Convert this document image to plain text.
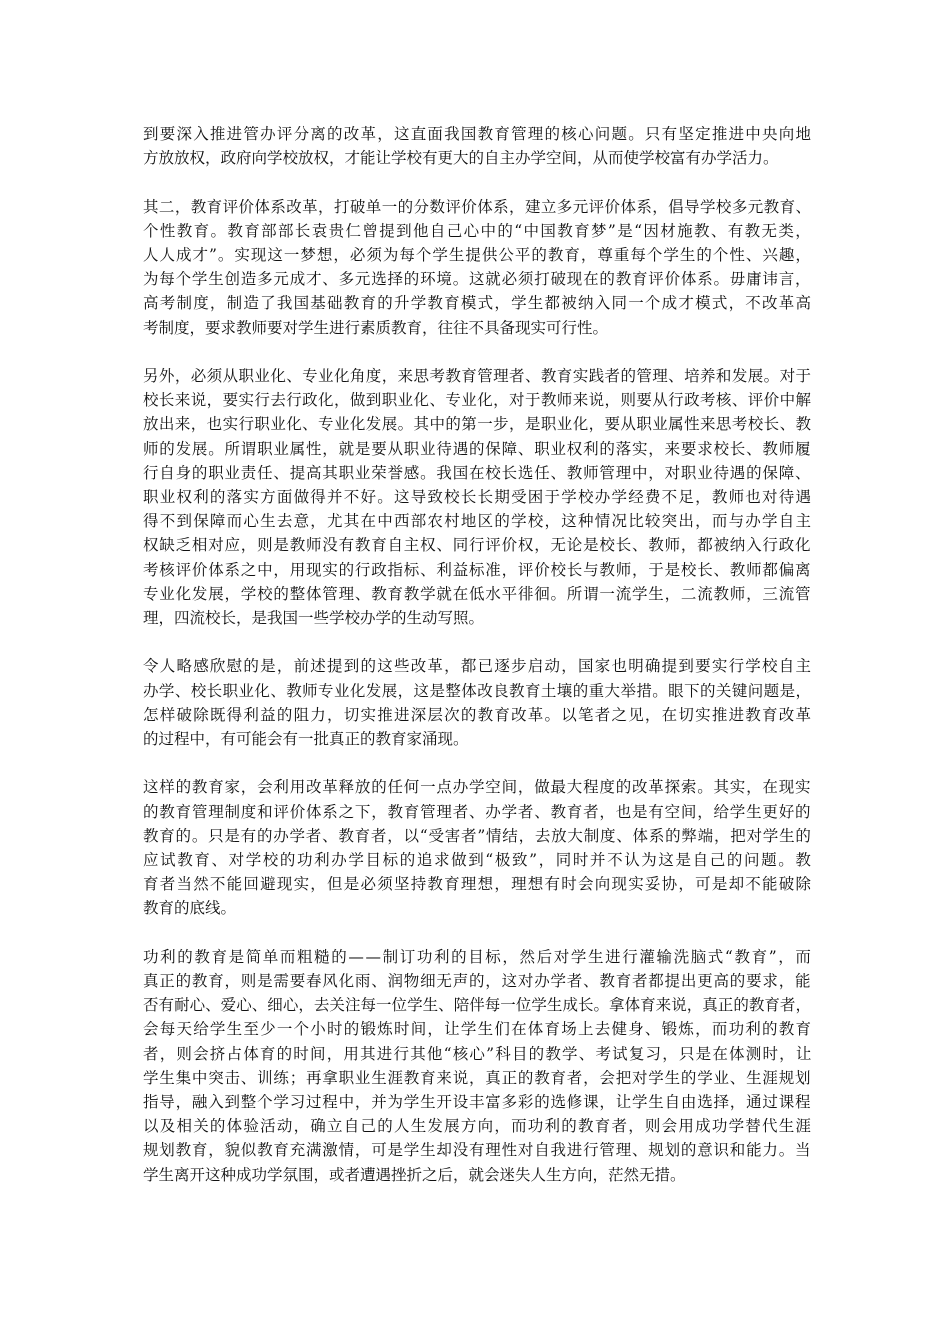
到要深入推进管办评分离的改革，这直面我国教育管理的核心问题。只有坚定推进中央向地
方放放权，政府向学校放权，才能让学校有更大的自主办学空间，从而使学校富有办学活力。
其二，教育评价体系改革，打破单一的分数评价体系，建立多元评价体系，倡导学校多元教育、
个性教育。教育部部长袁贵仁曾提到他自己心中的“中国教育梦”是“因材施教、有教无类，
人人成才”。实现这一梦想，必须为每个学生提供公平的教育，尊重每个学生的个性、兴趣，
为每个学生创造多元成才、多元选择的环境。这就必须打破现在的教育评价体系。毋庸讳言，
高考制度，制造了我国基础教育的升学教育模式，学生都被纳入同一个成才模式，不改革高
考制度，要求教师要对学生进行素质教育，往往不具备现实可行性。
另外，必须从职业化、专业化角度，来思考教育管理者、教育实践者的管理、培养和发展。对于
校长来说，要实行去行政化，做到职业化、专业化，对于教师来说，则要从行政考核、评价中解
放出来，也实行职业化、专业化发展。其中的第一步，是职业化，要从职业属性来思考校长、教
师的发展。所谓职业属性，就是要从职业待遇的保障、职业权利的落实，来要求校长、教师履
行自身的职业责任、提高其职业荣誉感。我国在校长选任、教师管理中，对职业待遇的保障、
职业权利的落实方面做得并不好。这导致校长长期受困于学校办学经费不足，教师也对待遇
得不到保障而心生去意，尤其在中西部农村地区的学校，这种情况比较突出，而与办学自主
权缺乏相对应，则是教师没有教育自主权、同行评价权，无论是校长、教师，都被纳入行政化
考核评价体系之中，用现实的行政指标、利益标准，评价校长与教师，于是校长、教师都偏离
专业化发展，学校的整体管理、教育教学就在低水平徘徊。所谓一流学生，二流教师，三流管
理，四流校长，是我国一些学校办学的生动写照。
令人略感欣慰的是，前述提到的这些改革，都已逐步启动，国家也明确提到要实行学校自主
办学、校长职业化、教师专业化发展，这是整体改良教育土壤的重大举措。眼下的关键问题是，
怎样破除既得利益的阻力，切实推进深层次的教育改革。以笔者之见，在切实推进教育改革
的过程中，有可能会有一批真正的教育家涌现。
这样的教育家，会利用改革释放的任何一点办学空间，做最大程度的改革探索。其实，在现实
的教育管理制度和评价体系之下，教育管理者、办学者、教育者，也是有空间，给学生更好的
教育的。只是有的办学者、教育者，以“受害者”情结，去放大制度、体系的弊端，把对学生的
应试教育、对学校的功利办学目标的追求做到“极致”，同时并不认为这是自己的问题。教
育者当然不能回避现实，但是必须坚持教育理想，理想有时会向现实妥协，可是却不能破除
教育的底线。
功利的教育是简单而粗糙的——制订功利的目标，然后对学生进行灌输洗脑式“教育”，而
真正的教育，则是需要春风化雨、润物细无声的，这对办学者、教育者都提出更高的要求，能
否有耐心、爱心、细心，去关注每一位学生、陪伴每一位学生成长。拿体育来说，真正的教育者，
会每天给学生至少一个小时的锻炼时间，让学生们在体育场上去健身、锻炼，而功利的教育
者，则会挤占体育的时间，用其进行其他“核心”科目的教学、考试复习，只是在体测时，让
学生集中突击、训练；再拿职业生涯教育来说，真正的教育者，会把对学生的学业、生涯规划
指导，融入到整个学习过程中，并为学生开设丰富多彩的选修课，让学生自由选择，通过课程
以及相关的体验活动，确立自己的人生发展方向，而功利的教育者，则会用成功学替代生涯
规划教育，貌似教育充满激情，可是学生却没有理性对自我进行管理、规划的意识和能力。当
学生离开这种成功学氛围，或者遭遇挫折之后，就会迷失人生方向，茫然无措。
